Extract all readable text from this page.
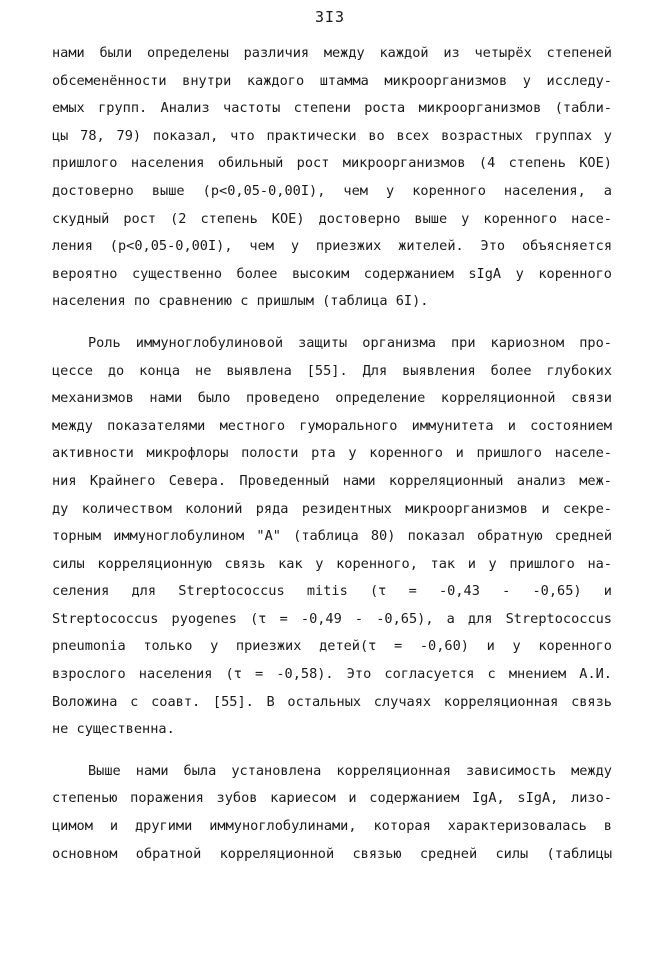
3I3
нами были определены различия между каждой из четырёх степеней
обсеменённости внутри каждого штамма микроорганизмов у исследу-
емых групп. Анализ частоты степени роста микроорганизмов (табли-
цы 78, 79) показал, что практически во всех возрастных группах у
пришлого населения обильный рост микроорганизмов (4 степень КОЕ)
достоверно выше (р<0,05-0,00I), чем у коренного населения, а
скудный рост (2 степень КОЕ) достоверно выше у коренного насе-
ления (р<0,05-0,00I), чем у приезжих жителей. Это объясняется
вероятно существенно более высоким содержанием sIgA у коренного
населения по сравнению с пришлым (таблица 6I).
Роль иммуноглобулиновой защиты организма при кариозном про-
цессе до конца не выявлена [55]. Для выявления более глубоких
механизмов нами было проведено определение корреляционной связи
между показателями местного гуморального иммунитета и состоянием
активности микрофлоры полости рта у коренного и пришлого населе-
ния Крайнего Севера. Проведенный нами корреляционный анализ меж-
ду количеством колоний ряда резидентных микроорганизмов и секре-
торным иммуноглобулином "А" (таблица 80) показал обратную средней
силы корреляционную связь как у коренного, так и у пришлого на-
селения для Streptococcus mitis (τ = -0,43 - -0,65) и
Streptococcus pyogenes (τ = -0,49 - -0,65), а для Streptococcus
pneumonia только у приезжих детей(τ = -0,60) и у коренного
взрослого населения (τ = -0,58). Это согласуется с мнением А.И.
Воложина с соавт. [55]. В остальных случаях корреляционная связь
не существенна.
Выше нами была установлена корреляционная зависимость между
степенью поражения зубов кариесом и содержанием IgA, sIgA, лизо-
цимом и другими иммуноглобулинами, которая характеризовалась в
основном обратной корреляционной связью средней силы (таблицы
